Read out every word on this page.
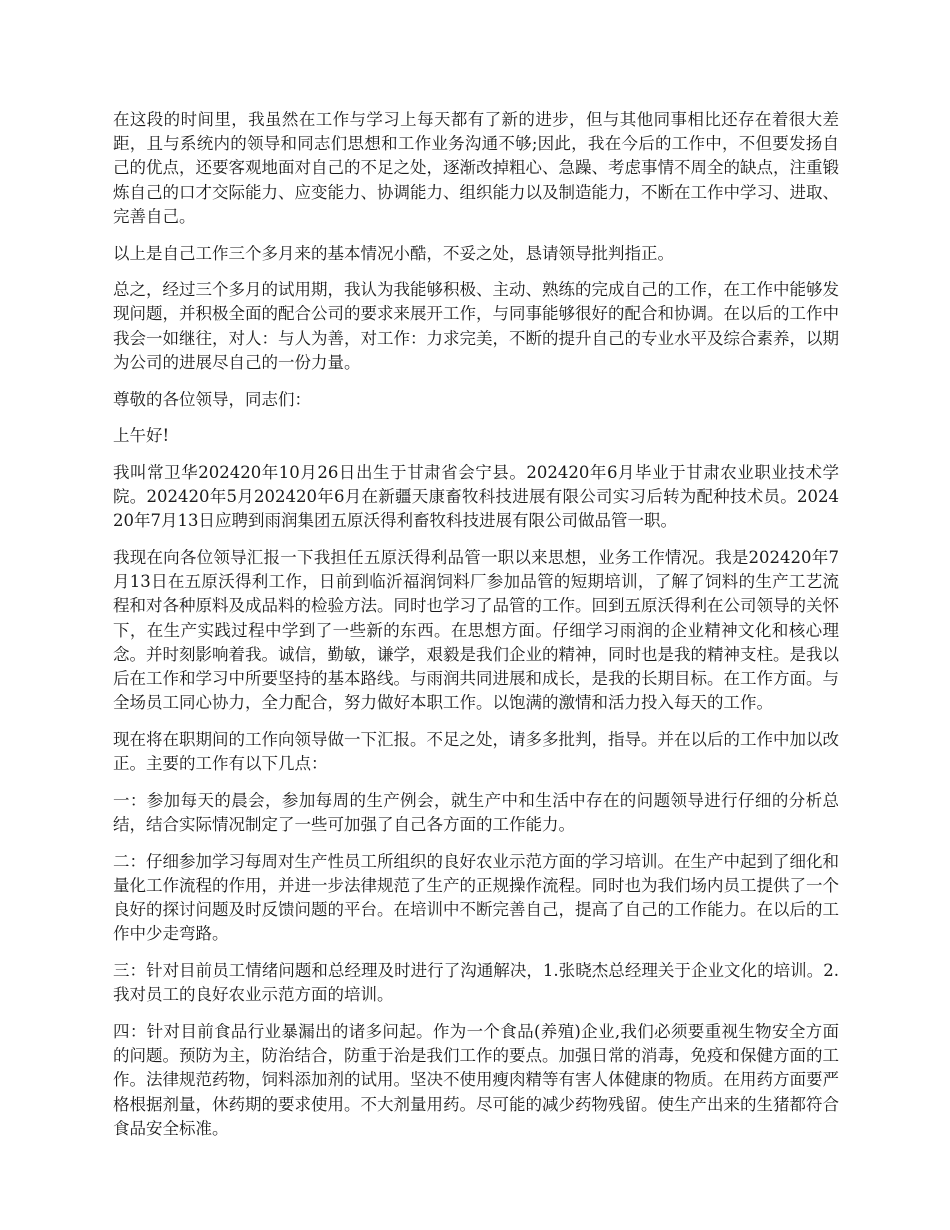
在这段的时间里，我虽然在工作与学习上每天都有了新的进步，但与其他同事相比还存在着很大差距，且与系统内的领导和同志们思想和工作业务沟通不够;因此，我在今后的工作中，不但要发扬自己的优点，还要客观地面对自己的不足之处，逐渐改掉粗心、急躁、考虑事情不周全的缺点，注重锻炼自己的口才交际能力、应变能力、协调能力、组织能力以及制造能力，不断在工作中学习、进取、完善自己。

以上是自己工作三个多月来的基本情况小酷，不妥之处，恳请领导批判指正。

总之，经过三个多月的试用期，我认为我能够积极、主动、熟练的完成自己的工作，在工作中能够发现问题，并积极全面的配合公司的要求来展开工作，与同事能够很好的配合和协调。在以后的工作中我会一如继往，对人：与人为善，对工作：力求完美，不断的提升自己的专业水平及综合素养，以期为公司的进展尽自己的一份力量。

尊敬的各位领导，同志们：

上午好!

我叫常卫华202420年10月26日出生于甘肃省会宁县。202420年6月毕业于甘肃农业职业技术学院。202420年5月202420年6月在新疆天康畜牧科技进展有限公司实习后转为配种技术员。202420年7月13日应聘到雨润集团五原沃得利畜牧科技进展有限公司做品管一职。

我现在向各位领导汇报一下我担任五原沃得利品管一职以来思想，业务工作情况。我是202420年7月13日在五原沃得利工作，日前到临沂福润饲料厂参加品管的短期培训，了解了饲料的生产工艺流程和对各种原料及成品料的检验方法。同时也学习了品管的工作。回到五原沃得利在公司领导的关怀下，在生产实践过程中学到了一些新的东西。在思想方面。仔细学习雨润的企业精神文化和核心理念。并时刻影响着我。诚信，勤敏，谦学，艰毅是我们企业的精神，同时也是我的精神支柱。是我以后在工作和学习中所要坚持的基本路线。与雨润共同进展和成长，是我的长期目标。在工作方面。与全场员工同心协力，全力配合，努力做好本职工作。以饱满的激情和活力投入每天的工作。

现在将在职期间的工作向领导做一下汇报。不足之处，请多多批判，指导。并在以后的工作中加以改正。主要的工作有以下几点：

一：参加每天的晨会，参加每周的生产例会，就生产中和生活中存在的问题领导进行仔细的分析总结，结合实际情况制定了一些可加强了自己各方面的工作能力。

二：仔细参加学习每周对生产性员工所组织的良好农业示范方面的学习培训。在生产中起到了细化和量化工作流程的作用，并进一步法律规范了生产的正规操作流程。同时也为我们场内员工提供了一个良好的探讨问题及时反馈问题的平台。在培训中不断完善自己，提高了自己的工作能力。在以后的工作中少走弯路。

三：针对目前员工情绪问题和总经理及时进行了沟通解决，1.张晓杰总经理关于企业文化的培训。2.我对员工的良好农业示范方面的培训。

四：针对目前食品行业暴漏出的诸多问起。作为一个食品(养殖)企业,我们必须要重视生物安全方面的问题。预防为主，防治结合，防重于治是我们工作的要点。加强日常的消毒，免疫和保健方面的工作。法律规范药物，饲料添加剂的试用。坚决不使用瘦肉精等有害人体健康的物质。在用药方面要严格根据剂量，休药期的要求使用。不大剂量用药。尽可能的减少药物残留。使生产出来的生猪都符合食品安全标准。
